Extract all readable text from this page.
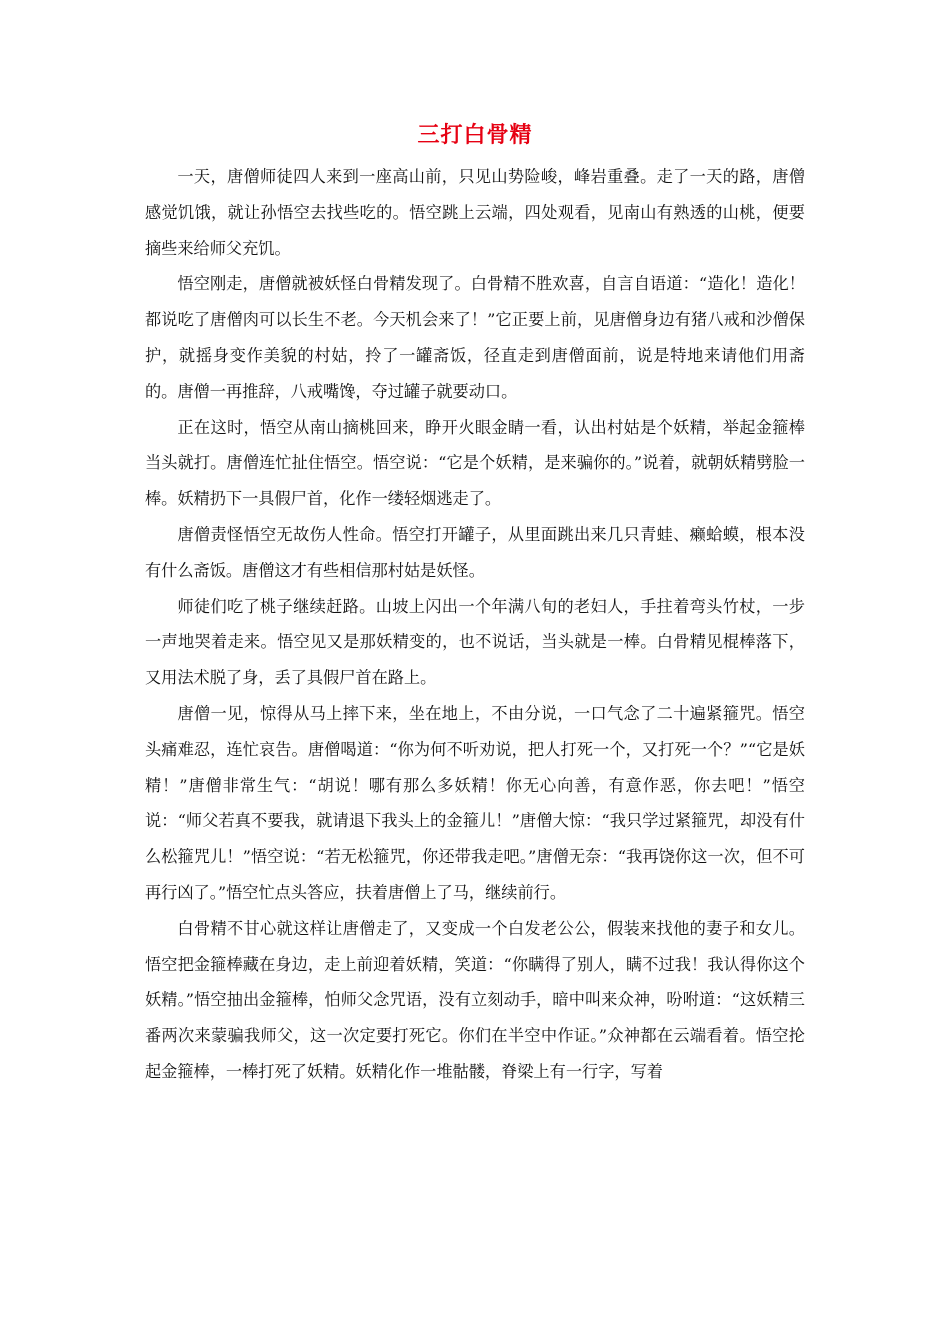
三打白骨精

一天，唐僧师徒四人来到一座高山前，只见山势险峻，峰岩重叠。走了一天的路，唐僧感觉饥饿，就让孙悟空去找些吃的。悟空跳上云端，四处观看，见南山有熟透的山桃，便要摘些来给师父充饥。

悟空刚走，唐僧就被妖怪白骨精发现了。白骨精不胜欢喜，自言自语道：“造化！造化！都说吃了唐僧肉可以长生不老。今天机会来了！”它正要上前，见唐僧身边有猪八戒和沙僧保护，就摇身变作美貌的村姑，拎了一罐斋饭，径直走到唐僧面前，说是特地来请他们用斋的。唐僧一再推辞，八戒嘴馋，夺过罐子就要动口。

正在这时，悟空从南山摘桃回来，睁开火眼金睛一看，认出村姑是个妖精，举起金箍棒当头就打。唐僧连忙扯住悟空。悟空说：“它是个妖精，是来骗你的。”说着，就朝妖精劈脸一棒。妖精扔下一具假尸首，化作一缕轻烟逃走了。

唐僧责怪悟空无故伤人性命。悟空打开罐子，从里面跳出来几只青蛙、癞蛤蟆，根本没有什么斋饭。唐僧这才有些相信那村姑是妖怪。

师徒们吃了桃子继续赶路。山坡上闪出一个年满八旬的老妇人，手拄着弯头竹杖，一步一声地哭着走来。悟空见又是那妖精变的，也不说话，当头就是一棒。白骨精见棍棒落下，又用法术脱了身，丢了具假尸首在路上。

唐僧一见，惊得从马上摔下来，坐在地上，不由分说，一口气念了二十遍紧箍咒。悟空头痛难忍，连忙哀告。唐僧喝道：“你为何不听劝说，把人打死一个，又打死一个？”“它是妖精！”唐僧非常生气：“胡说！哪有那么多妖精！你无心向善，有意作恶，你去吧！”悟空说：“师父若真不要我，就请退下我头上的金箍儿！”唐僧大惊：“我只学过紧箍咒，却没有什么松箍咒儿！”悟空说：“若无松箍咒，你还带我走吧。”唐僧无奈：“我再饶你这一次，但不可再行凶了。”悟空忙点头答应，扶着唐僧上了马，继续前行。

白骨精不甘心就这样让唐僧走了，又变成一个白发老公公，假装来找他的妻子和女儿。悟空把金箍棒藏在身边，走上前迎着妖精，笑道：“你瞒得了别人，瞒不过我！我认得你这个妖精。”悟空抽出金箍棒，怕师父念咒语，没有立刻动手，暗中叫来众神，吩咐道：“这妖精三番两次来蒙骗我师父，这一次定要打死它。你们在半空中作证。”众神都在云端看着。悟空抡起金箍棒，一棒打死了妖精。妖精化作一堆骷髅，脊梁上有一行字，写着
